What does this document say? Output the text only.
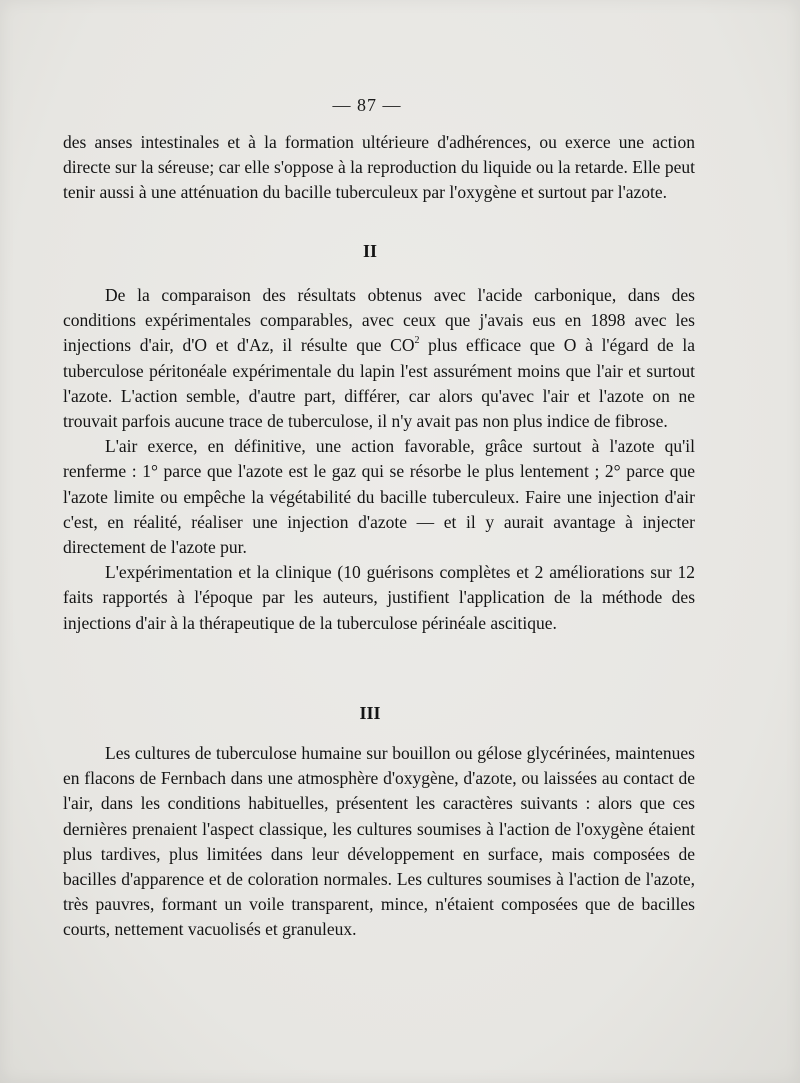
— 87 —

des anses intestinales et à la formation ultérieure d'adhérences, ou exerce une action directe sur la séreuse; car elle s'oppose à la reproduction du liquide ou la retarde. Elle peut tenir aussi à une atténuation du bacille tuberculeux par l'oxygène et surtout par l'azote.

II

De la comparaison des résultats obtenus avec l'acide carbonique, dans des conditions expérimentales comparables, avec ceux que j'avais eus en 1898 avec les injections d'air, d'O et d'Az, il résulte que $CO^2$ plus efficace que O à l'égard de la tuberculose péritonéale expérimentale du lapin l'est assurément moins que l'air et surtout l'azote. L'action semble, d'autre part, différer, car alors qu'avec l'air et l'azote on ne trouvait parfois aucune trace de tuberculose, il n'y avait pas non plus indice de fibrose.

L'air exerce, en définitive, une action favorable, grâce surtout à l'azote qu'il renferme : 1° parce que l'azote est le gaz qui se résorbe le plus lentement ; 2° parce que l'azote limite ou empêche la végétabilité du bacille tuberculeux. Faire une injection d'air c'est, en réalité, réaliser une injection d'azote — et il y aurait avantage à injecter directement de l'azote pur.

L'expérimentation et la clinique (10 guérisons complètes et 2 améliorations sur 12 faits rapportés à l'époque par les auteurs, justifient l'application de la méthode des injections d'air à la thérapeutique de la tuberculose périnéale ascitique.

III

Les cultures de tuberculose humaine sur bouillon ou gélose glycérinées, maintenues en flacons de Fernbach dans une atmosphère d'oxygène, d'azote, ou laissées au contact de l'air, dans les conditions habituelles, présentent les caractères suivants : alors que ces dernières prenaient l'aspect classique, les cultures soumises à l'action de l'oxygène étaient plus tardives, plus limitées dans leur développement en surface, mais composées de bacilles d'apparence et de coloration normales. Les cultures soumises à l'action de l'azote, très pauvres, formant un voile transparent, mince, n'étaient composées que de bacilles courts, nettement vacuolisés et granuleux.
